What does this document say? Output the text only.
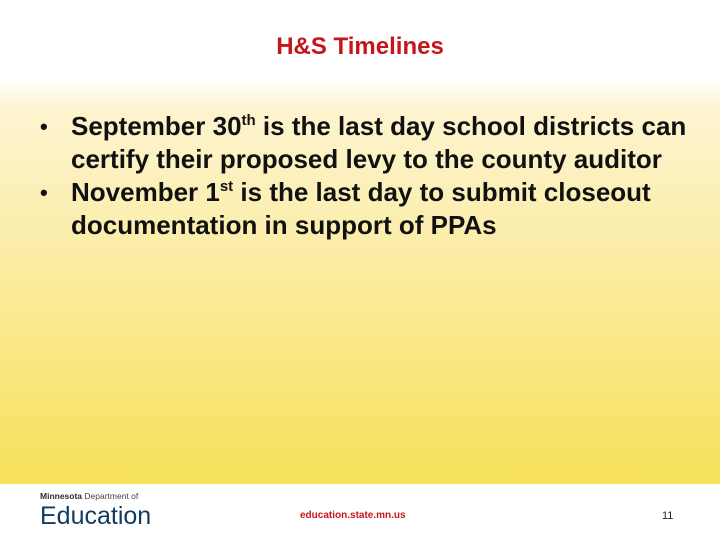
H&S Timelines
• September 30th is the last day school districts can certify their proposed levy to the county auditor
• November 1st is the last day to submit closeout documentation in support of PPAs
Minnesota Department of
Education	education.state.mn.us	11
